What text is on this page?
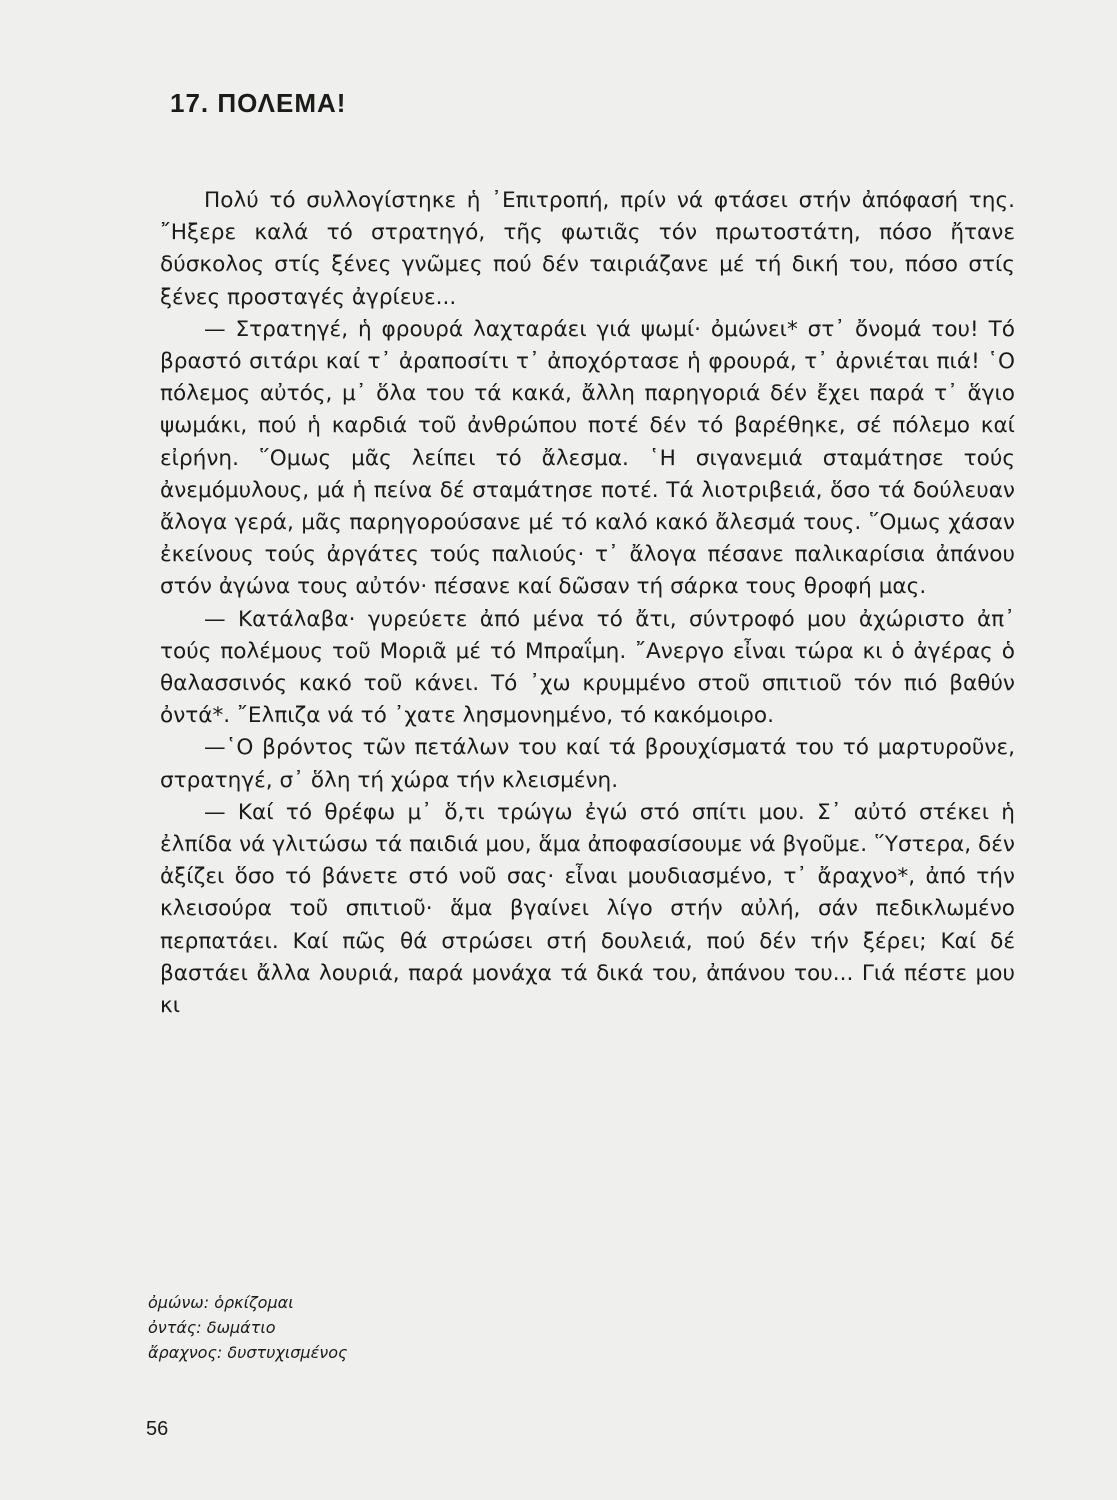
17. ΠΟΛΕΜΑ!

Πολύ τό συλλογίστηκε ἡ ᾽Επιτροπή, πρίν νά φτάσει στήν ἀπόφασή της. ῎Ηξερε καλά τό στρατηγό, τῆς φωτιᾶς τόν πρωτοστάτη, πόσο ἤτανε δύσκολος στίς ξένες γνῶμες πού δέν ταιριάζανε μέ τή δική του, πόσο στίς ξένες προσταγές ἀγρίευε...

— Στρατηγέ, ἡ φρουρά λαχταράει γιά ψωμί· ὀμώνει* στ᾽ ὄνομά του! Τό βραστό σιτάρι καί τ᾽ ἀραποσίτι τ᾽ ἀποχόρτασε ἡ φρουρά, τ᾽ ἀρνιέται πιά! ῾Ο πόλεμος αὐτός, μ᾽ ὅλα του τά κακά, ἄλλη παρηγοριά δέν ἔχει παρά τ᾽ ἅγιο ψωμάκι, πού ἡ καρδιά τοῦ ἀνθρώπου ποτέ δέν τό βαρέθηκε, σέ πόλεμο καί εἰρήνη. ῞Ομως μᾶς λείπει τό ἄλεσμα. ῾Η σιγανεμιά σταμάτησε τούς ἀνεμόμυλους, μά ἡ πείνα δέ σταμάτησε ποτέ. Τά λιοτριβειά, ὅσο τά δούλευαν ἄλογα γερά, μᾶς παρηγορούσανε μέ τό καλό κακό ἄλεσμά τους. ῞Ομως χάσαν ἐκείνους τούς ἀργάτες τούς παλιούς· τ᾽ ἄλογα πέσανε παλικαρίσια ἀπάνου στόν ἀγώνα τους αὐτόν· πέσανε καί δῶσαν τή σάρκα τους θροφή μας.

— Κατάλαβα· γυρεύετε ἀπό μένα τό ἄτι, σύντροφό μου ἀχώριστο ἀπ᾽ τούς πολέμους τοῦ Μοριᾶ μέ τό Μπραΐμη. ῎Ανεργο εἶναι τώρα κι ὁ ἀγέρας ὁ θαλασσινός κακό τοῦ κάνει. Τό ᾽χω κρυμμένο στοῦ σπιτιοῦ τόν πιό βαθύν ὀντά*. ῎Ελπιζα νά τό ᾽χατε λησμονημένο, τό κακόμοιρο.

—῾Ο βρόντος τῶν πετάλων του καί τά βρουχίσματά του τό μαρτυροῦνε, στρατηγέ, σ᾽ ὅλη τή χώρα τήν κλεισμένη.

— Καί τό θρέφω μ᾽ ὅ,τι τρώγω ἐγώ στό σπίτι μου. Σ᾽ αὐτό στέκει ἡ ἐλπίδα νά γλιτώσω τά παιδιά μου, ἅμα ἀποφασίσουμε νά βγοῦμε. ῞Υστερα, δέν ἀξίζει ὅσο τό βάνετε στό νοῦ σας· εἶναι μουδιασμένο, τ᾽ ἄραχνο*, ἀπό τήν κλεισούρα τοῦ σπιτιοῦ· ἅμα βγαίνει λίγο στήν αὐλή, σάν πεδικλωμένο περπατάει. Καί πῶς θά στρώσει στή δουλειά, πού δέν τήν ξέρει; Καί δέ βαστάει ἄλλα λουριά, παρά μονάχα τά δικά του, ἀπάνου του... Γιά πέστε μου κι

ὀμώνω: ὁρκίζομαι
ὀντάς: δωμάτιο
ἄραχνος: δυστυχισμένος
56
